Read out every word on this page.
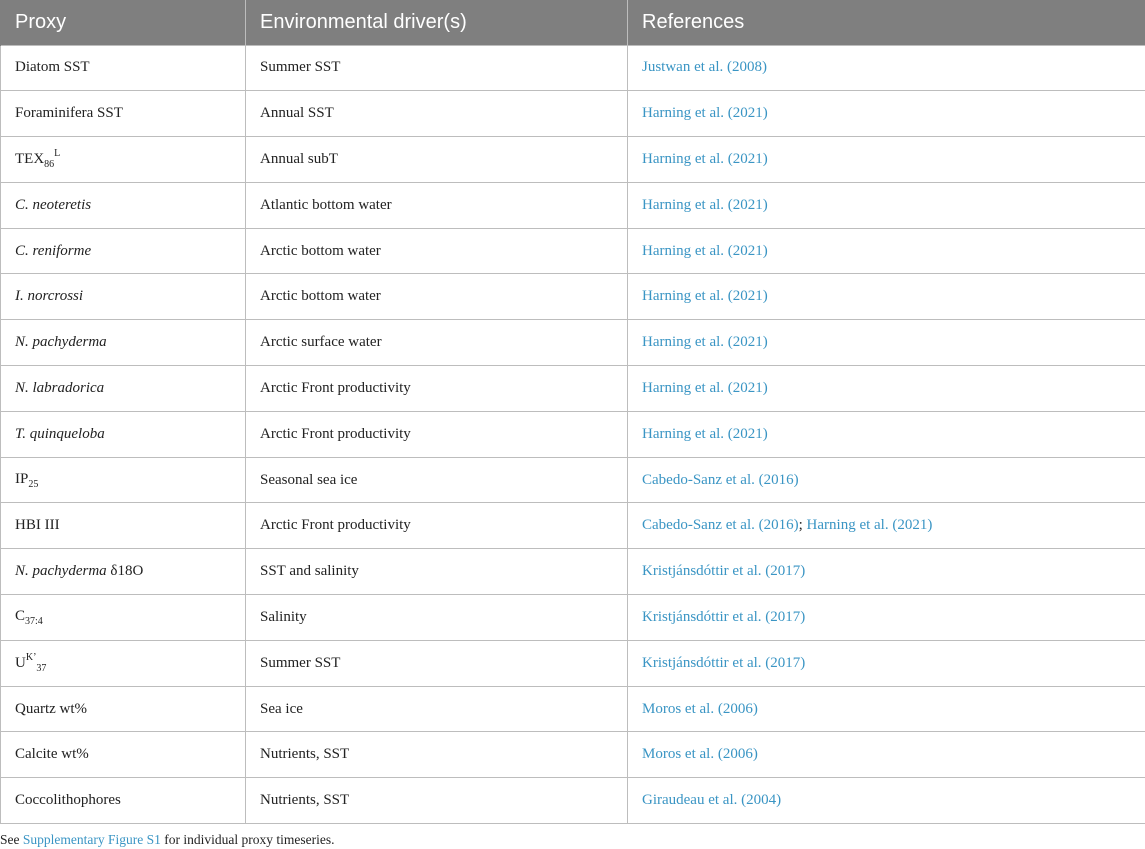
Proxy	Environmental driver(s)	References
Diatom SST	Summer SST	Justwan et al. (2008)
Foraminifera SST	Annual SST	Harning et al. (2021)
$TEX_{86}^L$	Annual subT	Harning et al. (2021)
C. neoteretis	Atlantic bottom water	Harning et al. (2021)
C. reniforme	Arctic bottom water	Harning et al. (2021)
I. norcrossi	Arctic bottom water	Harning et al. (2021)
N. pachyderma	Arctic surface water	Harning et al. (2021)
N. labradorica	Arctic Front productivity	Harning et al. (2021)
T. quinqueloba	Arctic Front productivity	Harning et al. (2021)
$IP_{25}$	Seasonal sea ice	Cabedo-Sanz et al. (2016)
HBI III	Arctic Front productivity	Cabedo-Sanz et al. (2016); Harning et al. (2021)
N. pachyderma δ18O	SST and salinity	Kristjánsdóttir et al. (2017)
$C_{37:4}$	Salinity	Kristjánsdóttir et al. (2017)
$U^{K’}_{37}$	Summer SST	Kristjánsdóttir et al. (2017)
Quartz wt%	Sea ice	Moros et al. (2006)
Calcite wt%	Nutrients, SST	Moros et al. (2006)
Coccolithophores	Nutrients, SST	Giraudeau et al. (2004)
See Supplementary Figure S1 for individual proxy timeseries.
